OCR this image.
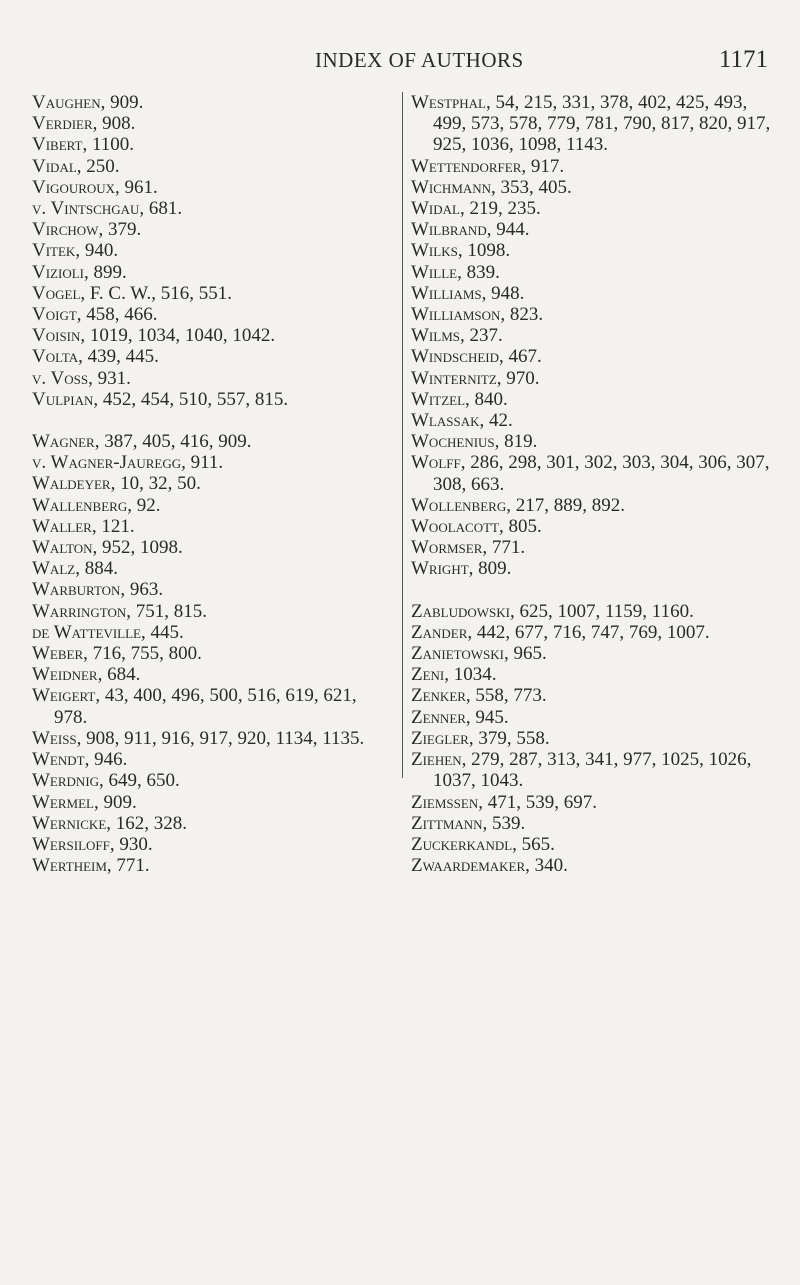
INDEX OF AUTHORS	1171
Vaughen, 909.
Verdier, 908.
Vibert, 1100.
Vidal, 250.
Vigouroux, 961.
v. Vintschgau, 681.
Virchow, 379.
Vitek, 940.
Vizioli, 899.
Vogel, F. C. W., 516, 551.
Voigt, 458, 466.
Voisin, 1019, 1034, 1040, 1042.
Volta, 439, 445.
v. Voss, 931.
Vulpian, 452, 454, 510, 557, 815.
Wagner, 387, 405, 416, 909.
v. Wagner-Jauregg, 911.
Waldeyer, 10, 32, 50.
Wallenberg, 92.
Waller, 121.
Walton, 952, 1098.
Walz, 884.
Warburton, 963.
Warrington, 751, 815.
de Watteville, 445.
Weber, 716, 755, 800.
Weidner, 684.
Weigert, 43, 400, 496, 500, 516, 619, 621, 978.
Weiss, 908, 911, 916, 917, 920, 1134, 1135.
Wendt, 946.
Werdnig, 649, 650.
Wermel, 909.
Wernicke, 162, 328.
Wersiloff, 930.
Wertheim, 771.
Westphal, 54, 215, 331, 378, 402, 425, 493, 499, 573, 578, 779, 781, 790, 817, 820, 917, 925, 1036, 1098, 1143.
Wettendorfer, 917.
Wichmann, 353, 405.
Widal, 219, 235.
Wilbrand, 944.
Wilks, 1098.
Wille, 839.
Williams, 948.
Williamson, 823.
Wilms, 237.
Windscheid, 467.
Winternitz, 970.
Witzel, 840.
Wlassak, 42.
Wochenius, 819.
Wolff, 286, 298, 301, 302, 303, 304, 306, 307, 308, 663.
Wollenberg, 217, 889, 892.
Woolacott, 805.
Wormser, 771.
Wright, 809.
Zabludowski, 625, 1007, 1159, 1160.
Zander, 442, 677, 716, 747, 769, 1007.
Zanietowski, 965.
Zeni, 1034.
Zenker, 558, 773.
Zenner, 945.
Ziegler, 379, 558.
Ziehen, 279, 287, 313, 341, 977, 1025, 1026, 1037, 1043.
Ziemssen, 471, 539, 697.
Zittmann, 539.
Zuckerkandl, 565.
Zwaardemaker, 340.
